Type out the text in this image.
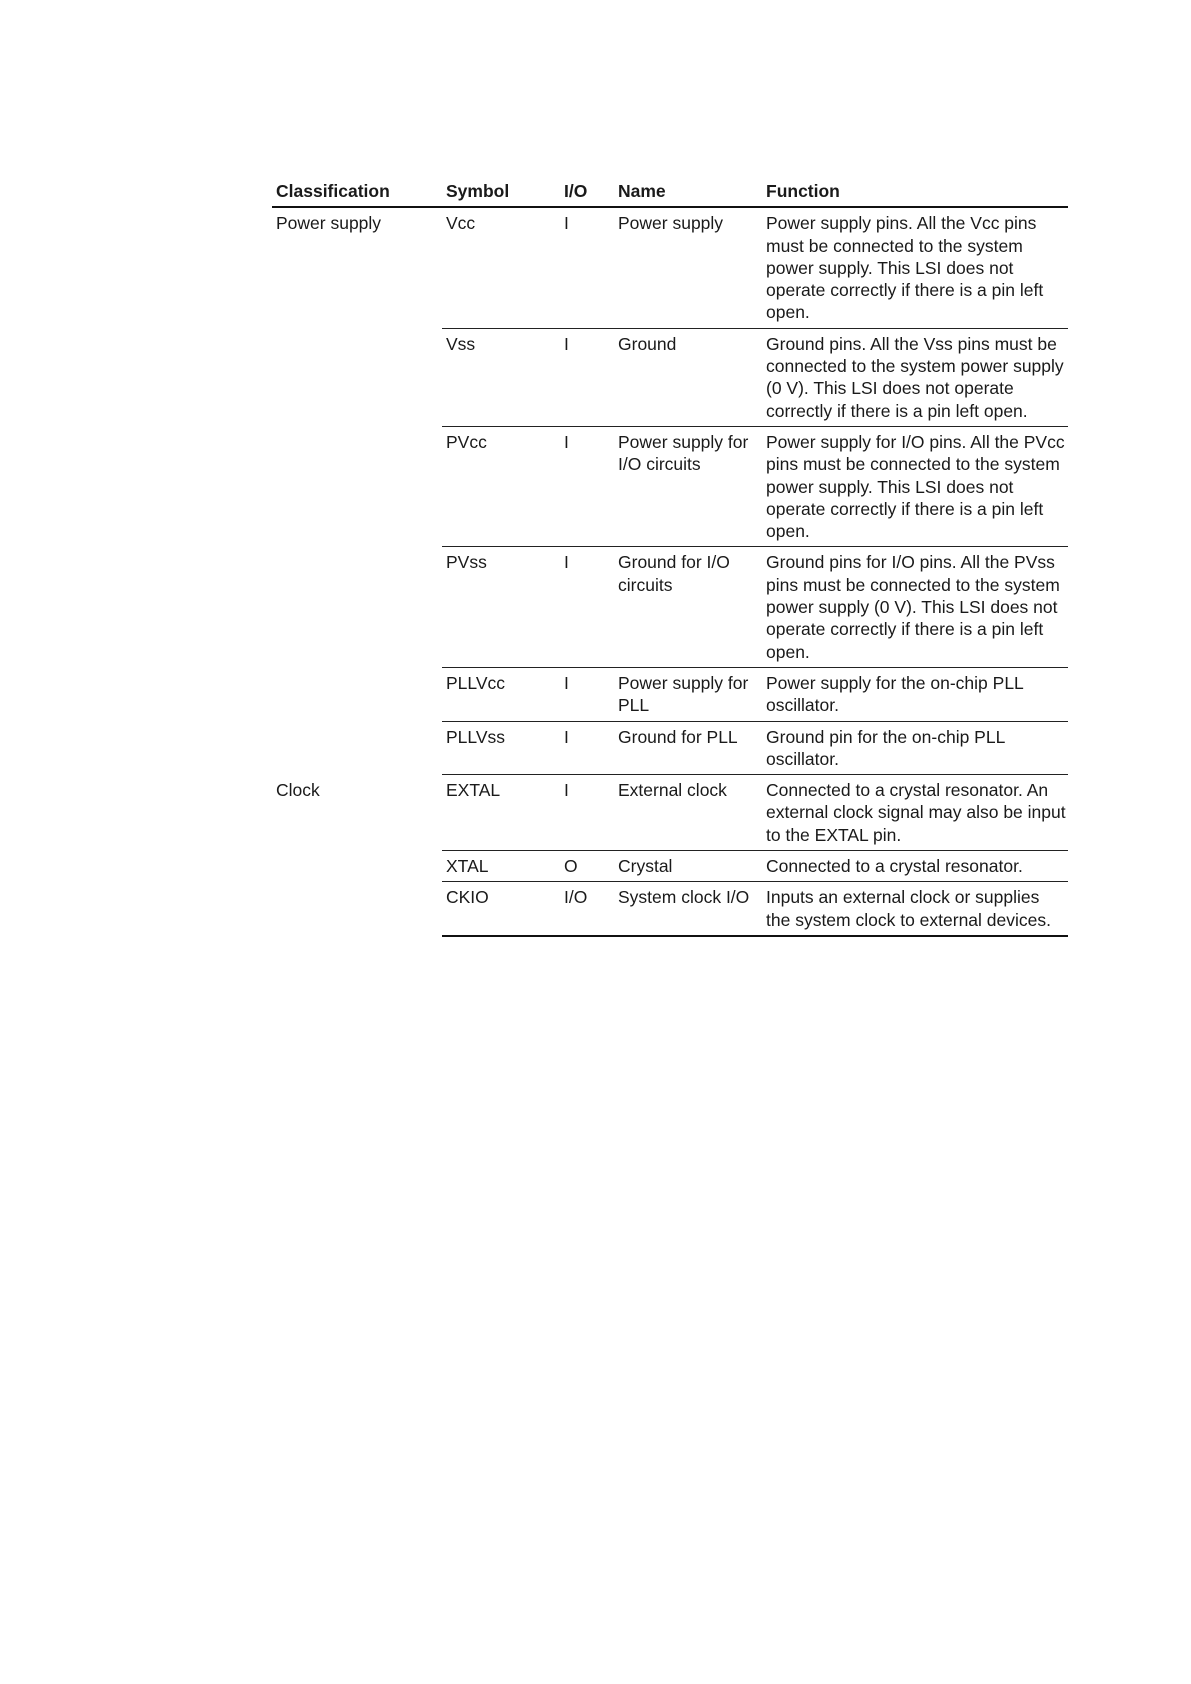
Classification	Symbol	I/O	Name	Function
Power supply	Vcc	I	Power supply	Power supply pins. All the Vcc pins must be connected to the system power supply. This LSI does not operate correctly if there is a pin left open.
	Vss	I	Ground	Ground pins. All the Vss pins must be connected to the system power supply (0 V). This LSI does not operate correctly if there is a pin left open.
	PVcc	I	Power supply for I/O circuits	Power supply for I/O pins. All the PVcc pins must be connected to the system power supply. This LSI does not operate correctly if there is a pin left open.
	PVss	I	Ground for I/O circuits	Ground pins for I/O pins. All the PVss pins must be connected to the system power supply (0 V). This LSI does not operate correctly if there is a pin left open.
	PLLVcc	I	Power supply for PLL	Power supply for the on-chip PLL oscillator.
	PLLVss	I	Ground for PLL	Ground pin for the on-chip PLL oscillator.
Clock	EXTAL	I	External clock	Connected to a crystal resonator. An external clock signal may also be input to the EXTAL pin.
	XTAL	O	Crystal	Connected to a crystal resonator.
	CKIO	I/O	System clock I/O	Inputs an external clock or supplies the system clock to external devices.
